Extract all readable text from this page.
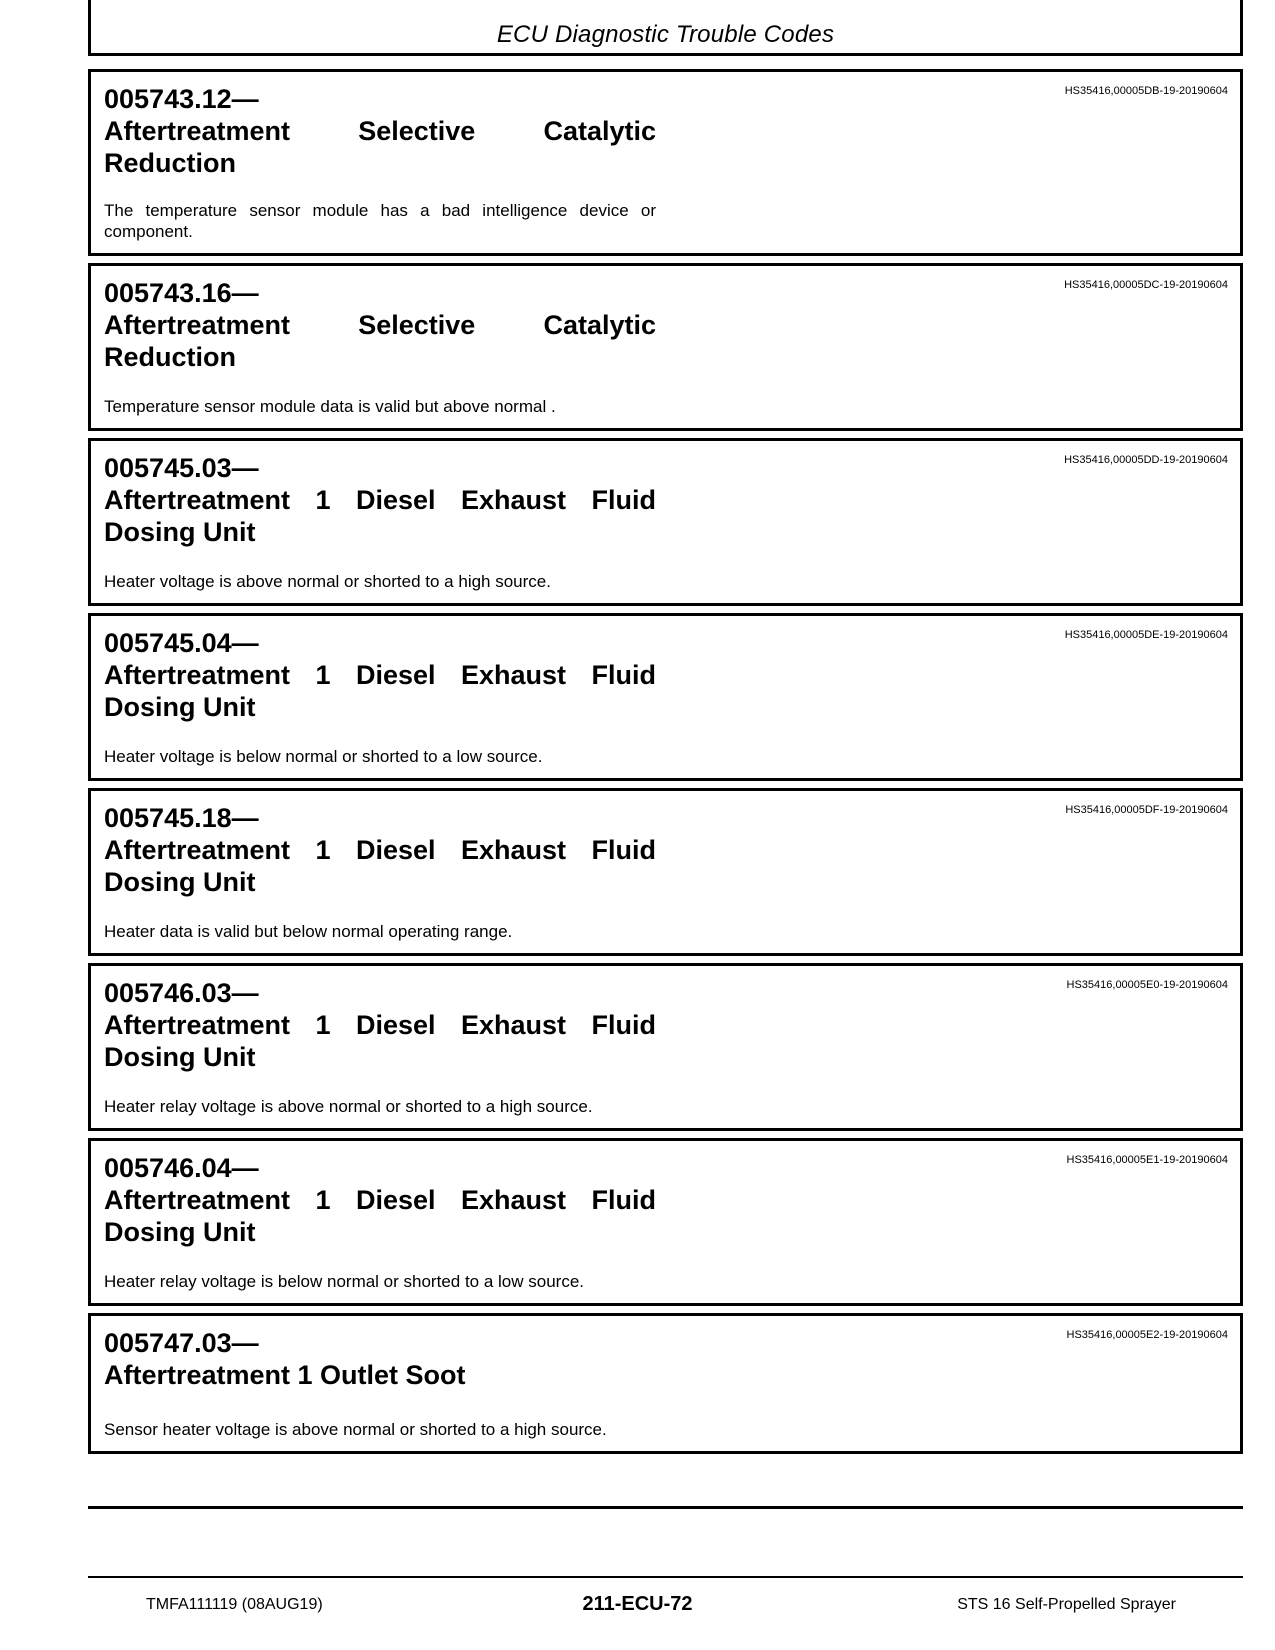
ECU Diagnostic Trouble Codes
HS35416,00005DB-19-20190604
005743.12—
Aftertreatment Selective Catalytic Reduction
The temperature sensor module has a bad intelligence device or component.
HS35416,00005DC-19-20190604
005743.16—
Aftertreatment Selective Catalytic Reduction
Temperature sensor module data is valid but above normal .
HS35416,00005DD-19-20190604
005745.03—
Aftertreatment 1 Diesel Exhaust Fluid Dosing Unit
Heater voltage is above normal or shorted to a high source.
HS35416,00005DE-19-20190604
005745.04—
Aftertreatment 1 Diesel Exhaust Fluid Dosing Unit
Heater voltage is below normal or shorted to a low source.
HS35416,00005DF-19-20190604
005745.18—
Aftertreatment 1 Diesel Exhaust Fluid Dosing Unit
Heater data is valid but below normal operating range.
HS35416,00005E0-19-20190604
005746.03—
Aftertreatment 1 Diesel Exhaust Fluid Dosing Unit
Heater relay voltage is above normal or shorted to a high source.
HS35416,00005E1-19-20190604
005746.04—
Aftertreatment 1 Diesel Exhaust Fluid Dosing Unit
Heater relay voltage is below normal or shorted to a low source.
HS35416,00005E2-19-20190604
005747.03—
Aftertreatment 1 Outlet Soot
Sensor heater voltage is above normal or shorted to a high source.
TMFA111119 (08AUG19)	211-ECU-72	STS 16 Self-Propelled Sprayer
